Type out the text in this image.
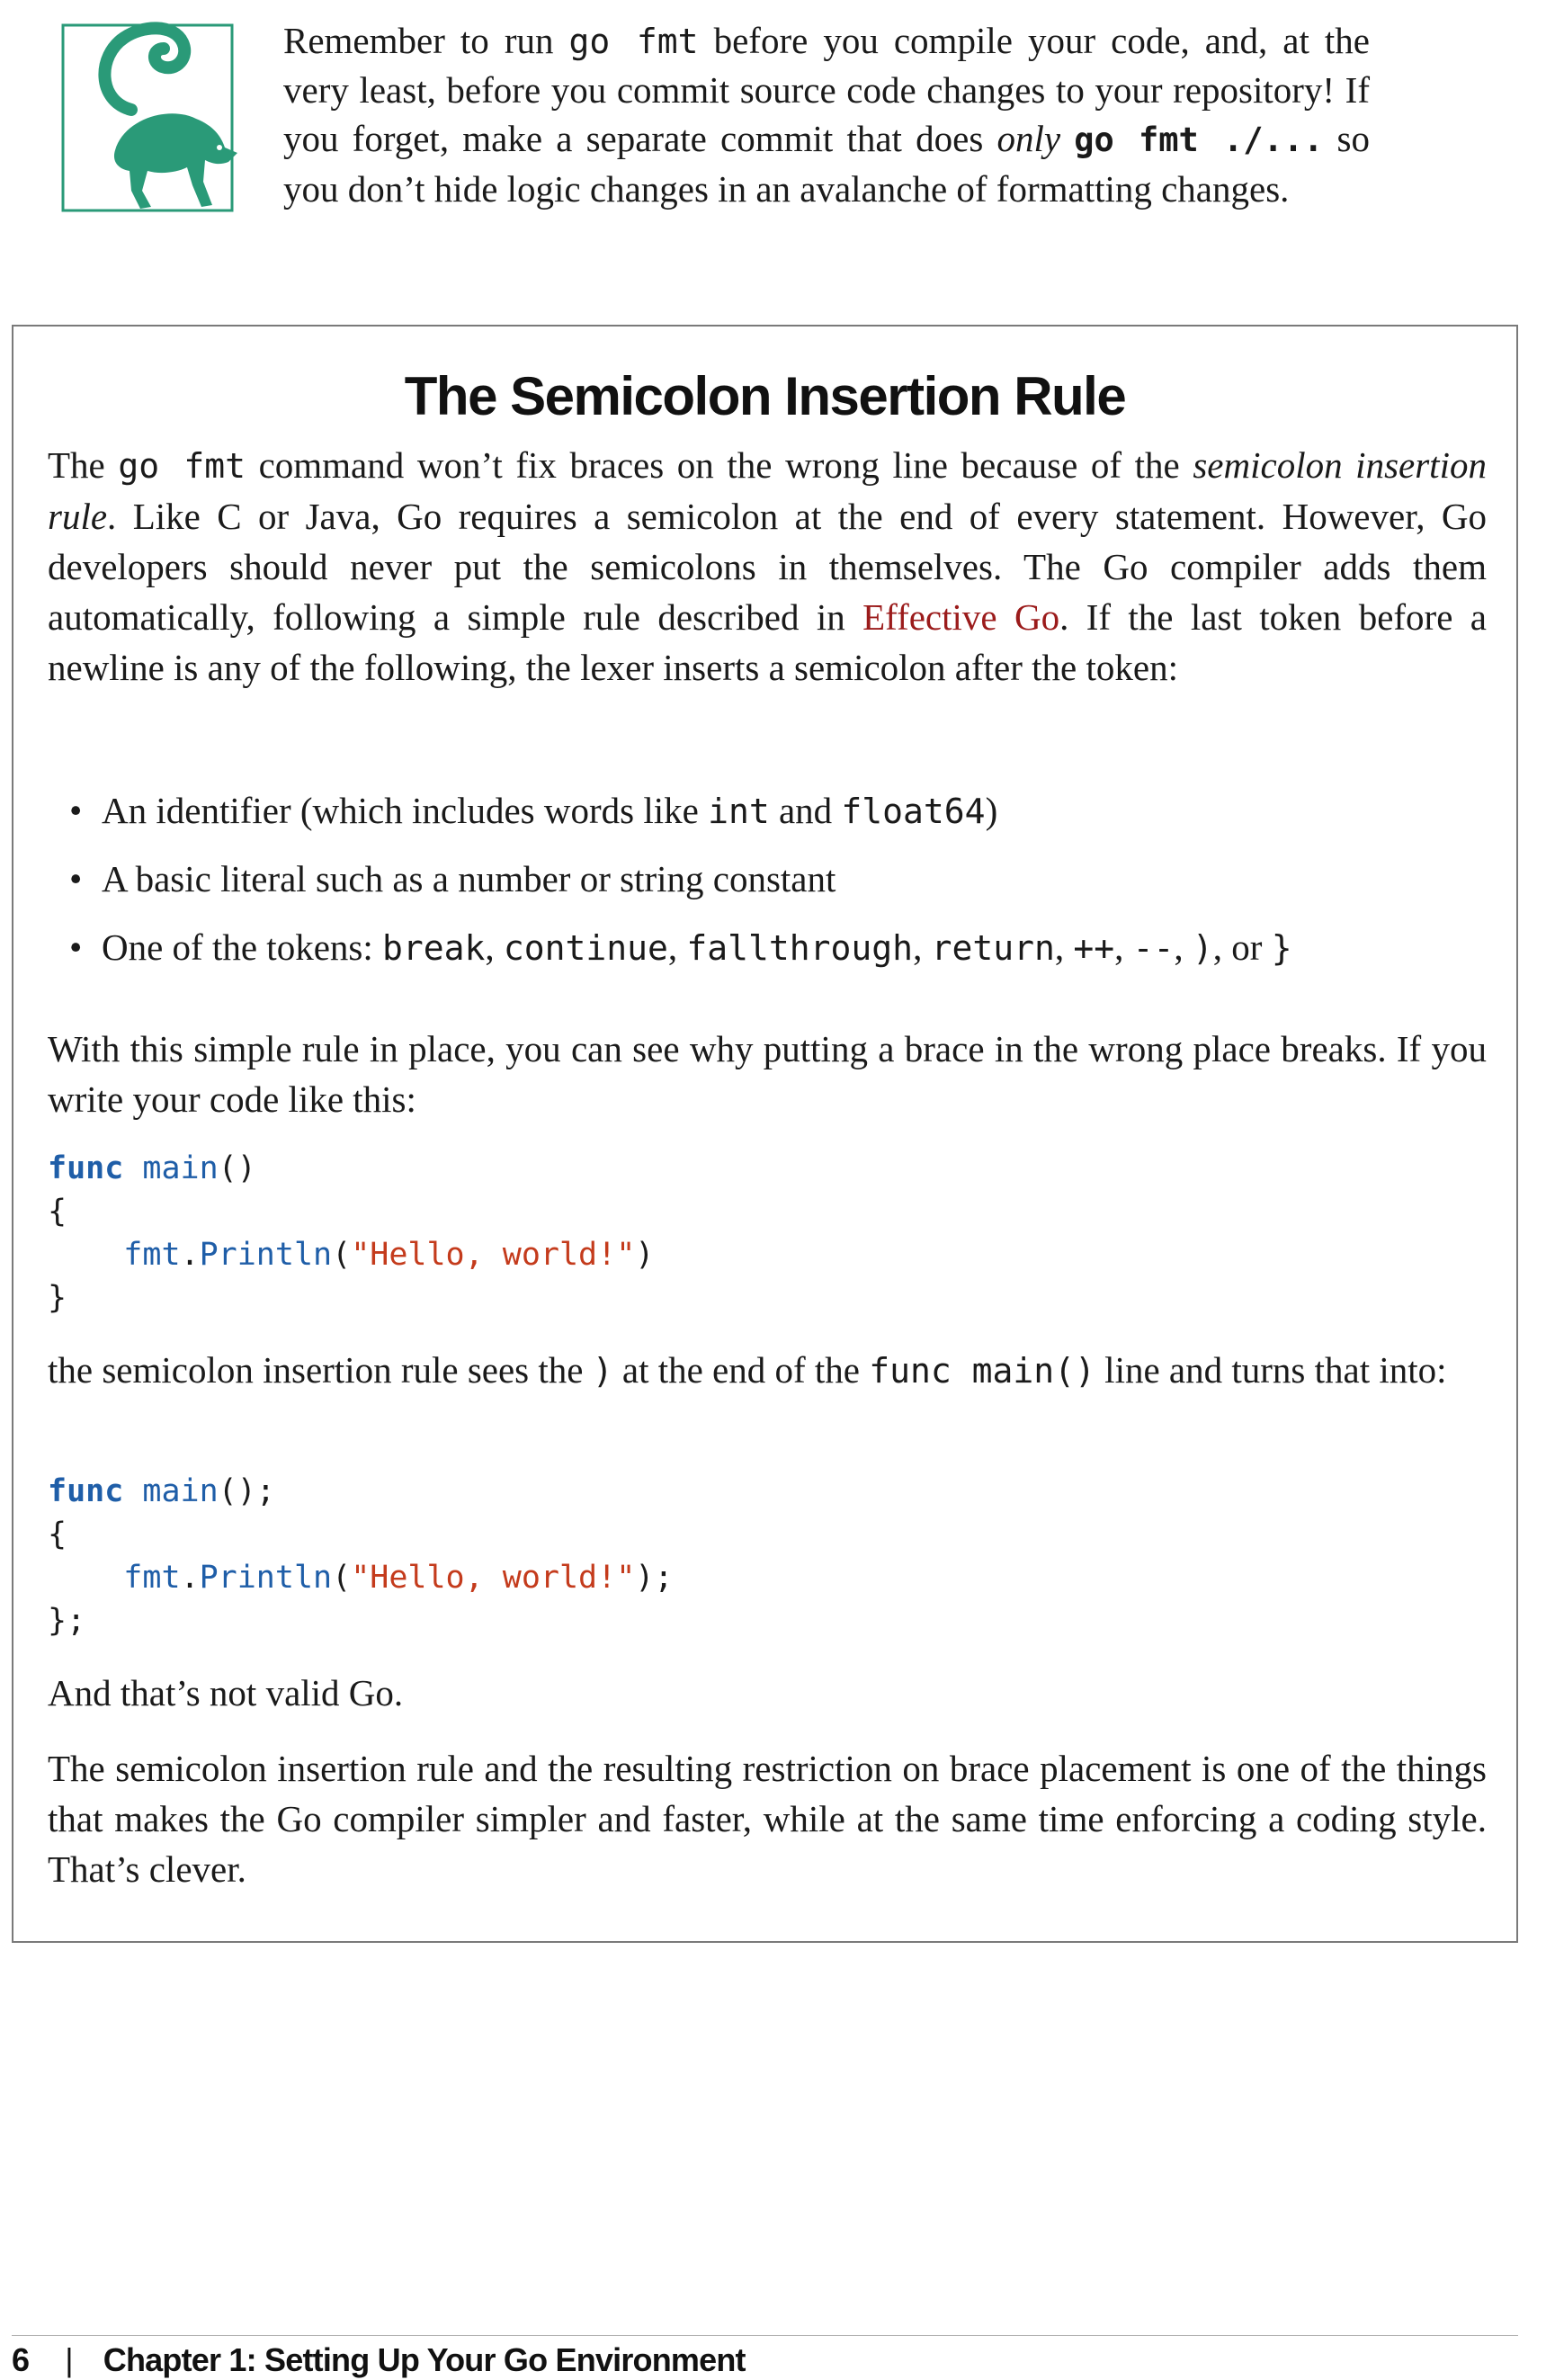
Remember to run go fmt before you compile your code, and, at the very least, before you commit source code changes to your repository! If you forget, make a separate commit that does only go fmt ./... so you don’t hide logic changes in an avalanche of formatting changes.

The Semicolon Insertion Rule

The go fmt command won’t fix braces on the wrong line because of the semicolon insertion rule. Like C or Java, Go requires a semicolon at the end of every statement. However, Go developers should never put the semicolons in themselves. The Go compiler adds them automatically, following a simple rule described in Effective Go. If the last token before a newline is any of the following, the lexer inserts a semicolon after the token:

• An identifier (which includes words like int and float64)
• A basic literal such as a number or string constant
• One of the tokens: break, continue, fallthrough, return, ++, --, ), or }

With this simple rule in place, you can see why putting a brace in the wrong place breaks. If you write your code like this:

func main()
{
fmt.Println("Hello, world!")
}

the semicolon insertion rule sees the ) at the end of the func main() line and turns that into:

func main();
{
fmt.Println("Hello, world!");
};

And that’s not valid Go.

The semicolon insertion rule and the resulting restriction on brace placement is one of the things that makes the Go compiler simpler and faster, while at the same time enforcing a coding style. That’s clever.

6 | Chapter 1: Setting Up Your Go Environment
